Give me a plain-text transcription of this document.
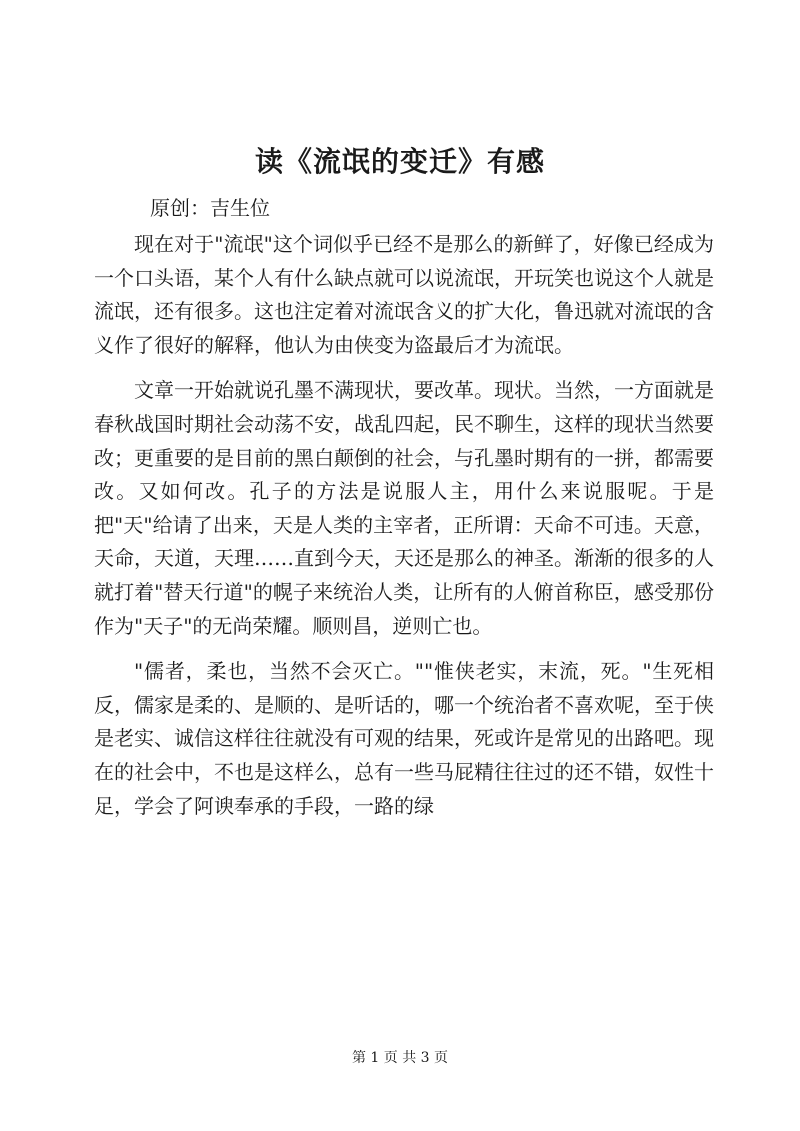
读《流氓的变迁》有感

原创：吉生位

现在对于"流氓"这个词似乎已经不是那么的新鲜了，好像已经成为一个口头语，某个人有什么缺点就可以说流氓，开玩笑也说这个人就是流氓，还有很多。这也注定着对流氓含义的扩大化，鲁迅就对流氓的含义作了很好的解释，他认为由侠变为盗最后才为流氓。

文章一开始就说孔墨不满现状，要改革。现状。当然，一方面就是春秋战国时期社会动荡不安，战乱四起，民不聊生，这样的现状当然要改；更重要的是目前的黑白颠倒的社会，与孔墨时期有的一拼，都需要改。又如何改。孔子的方法是说服人主，用什么来说服呢。于是把"天"给请了出来，天是人类的主宰者，正所谓：天命不可违。天意，天命，天道，天理……直到今天，天还是那么的神圣。渐渐的很多的人就打着"替天行道"的幌子来统治人类，让所有的人俯首称臣，感受那份作为"天子"的无尚荣耀。顺则昌，逆则亡也。

"儒者，柔也，当然不会灭亡。""惟侠老实，末流，死。"生死相反，儒家是柔的、是顺的、是听话的，哪一个统治者不喜欢呢，至于侠是老实、诚信这样往往就没有可观的结果，死或许是常见的出路吧。现在的社会中，不也是这样么，总有一些马屁精往往过的还不错，奴性十足，学会了阿谀奉承的手段，一路的绿

第 1 页 共 3 页
